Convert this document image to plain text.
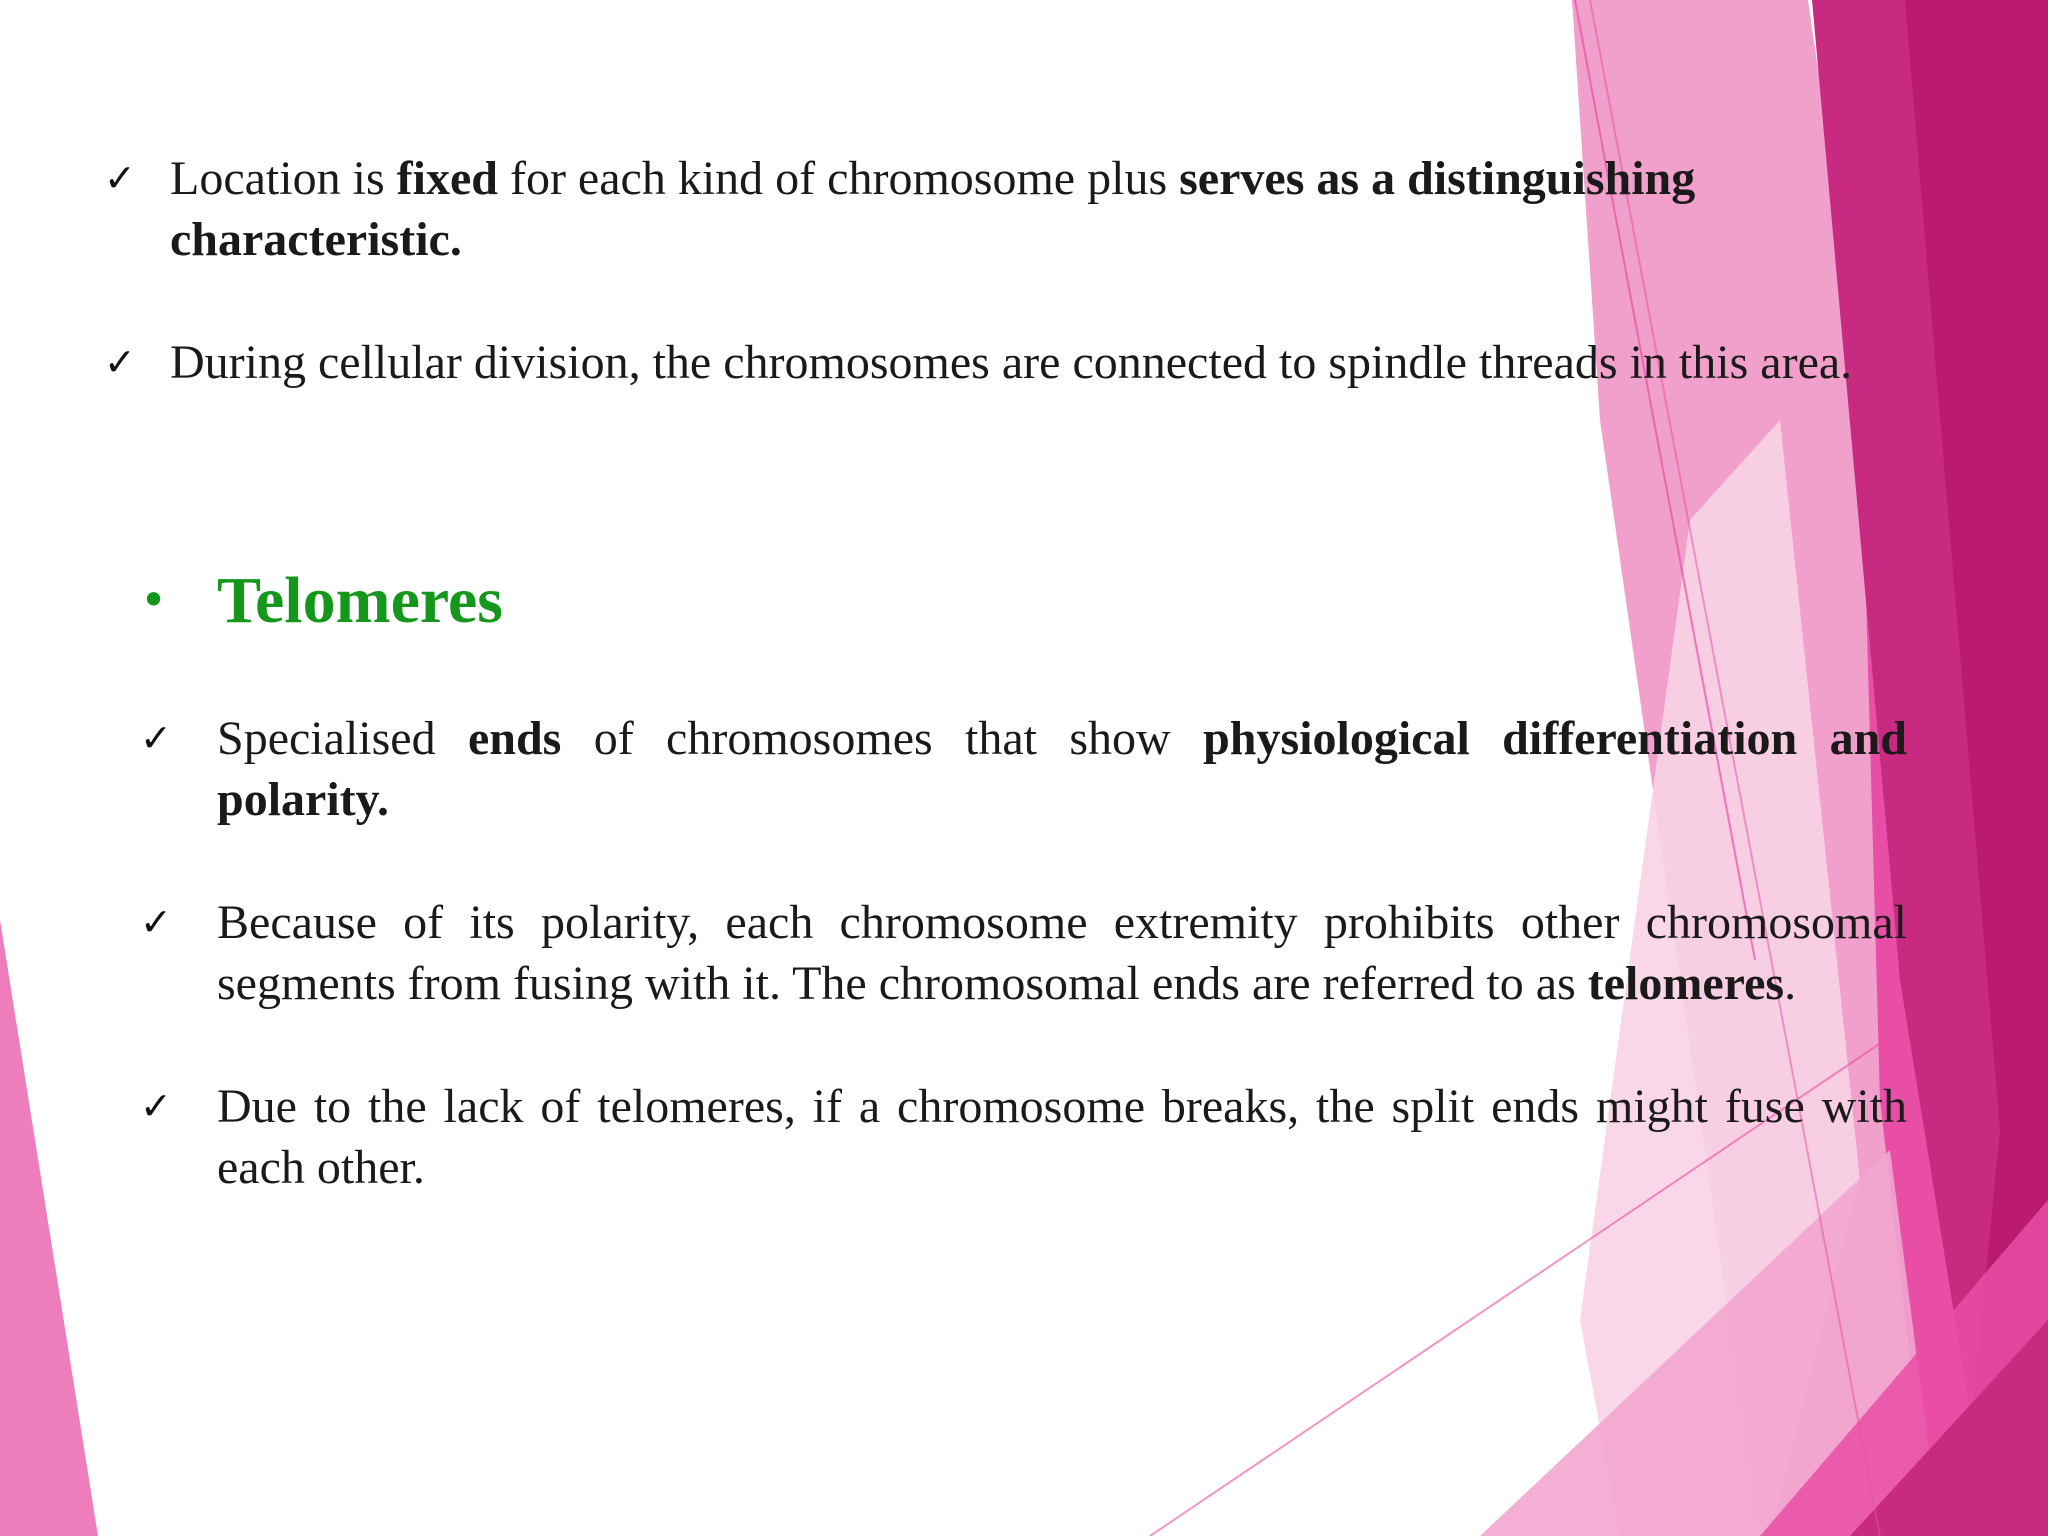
✓ Location is fixed for each kind of chromosome plus serves as a distinguishing characteristic.

✓ During cellular division, the chromosomes are connected to spindle threads in this area.

• Telomeres
✓ Specialised ends of chromosomes that show physiological differentiation and polarity.

✓ Because of its polarity, each chromosome extremity prohibits other chromosomal segments from fusing with it. The chromosomal ends are referred to as telomeres.

✓ Due to the lack of telomeres, if a chromosome breaks, the split ends might fuse with each other.
